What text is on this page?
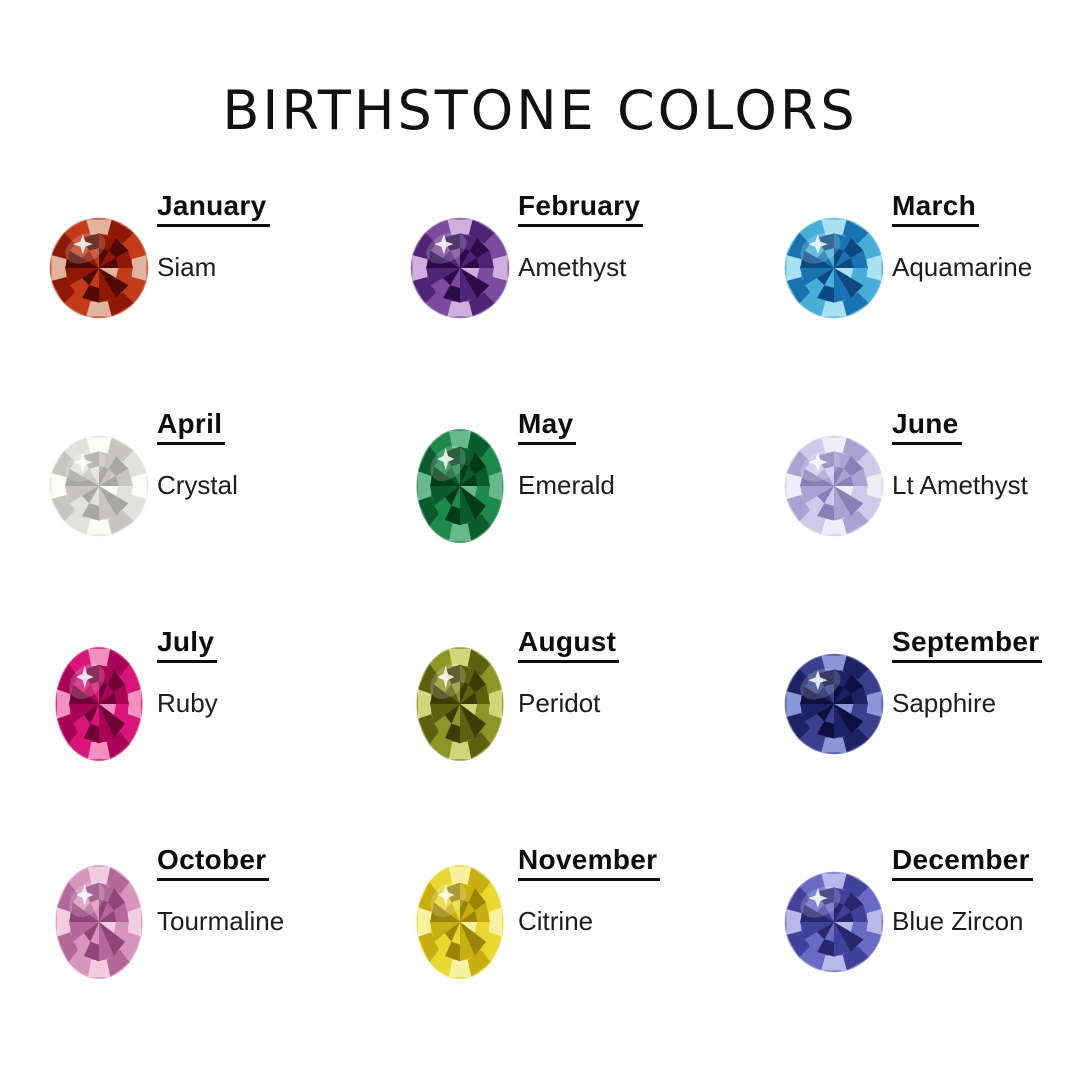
BIRTHSTONE COLORS
January
Siam
February
Amethyst
March
Aquamarine
April
Crystal
May
Emerald
June
Lt Amethyst
July
Ruby
August
Peridot
September
Sapphire
October
Tourmaline
November
Citrine
December
Blue Zircon
